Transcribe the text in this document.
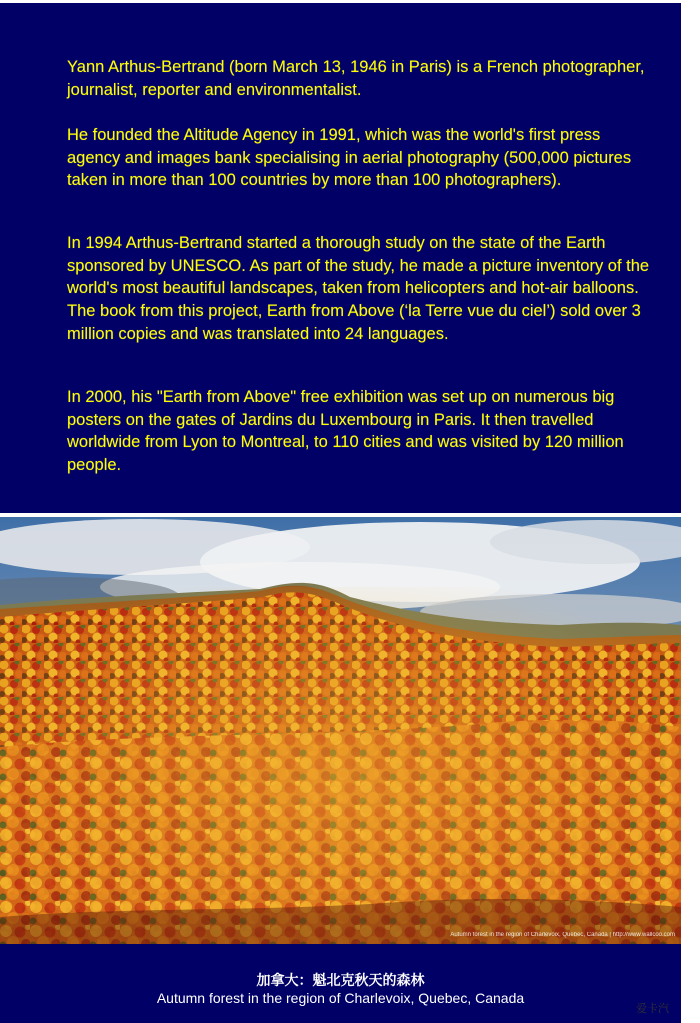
Yann Arthus-Bertrand (born March 13, 1946 in Paris) is a French photographer, journalist, reporter and environmentalist.

He founded the Altitude Agency in 1991, which was the world's first press agency and images bank specialising in aerial photography (500,000 pictures taken in more than 100 countries by more than 100 photographers).

In 1994 Arthus-Bertrand started a thorough study on the state of the Earth sponsored by UNESCO. As part of the study, he made a picture inventory of the world's most beautiful landscapes, taken from helicopters and hot-air balloons. The book from this project, Earth from Above (‘la Terre vue du ciel’) sold over 3 million copies and was translated into 24 languages.

In 2000, his "Earth from Above" free exhibition was set up on numerous big posters on the gates of Jardins du Luxembourg in Paris. It then travelled worldwide from Lyon to Montreal, to 110 cities and was visited by 120 million people.

Autumn forest in the region of Charlevoix, Quebec, Canada | http://www.wallcoo.com
加拿大：魁北克秋天的森林
Autumn forest in the region of Charlevoix, Quebec, Canada
爱卡汽
